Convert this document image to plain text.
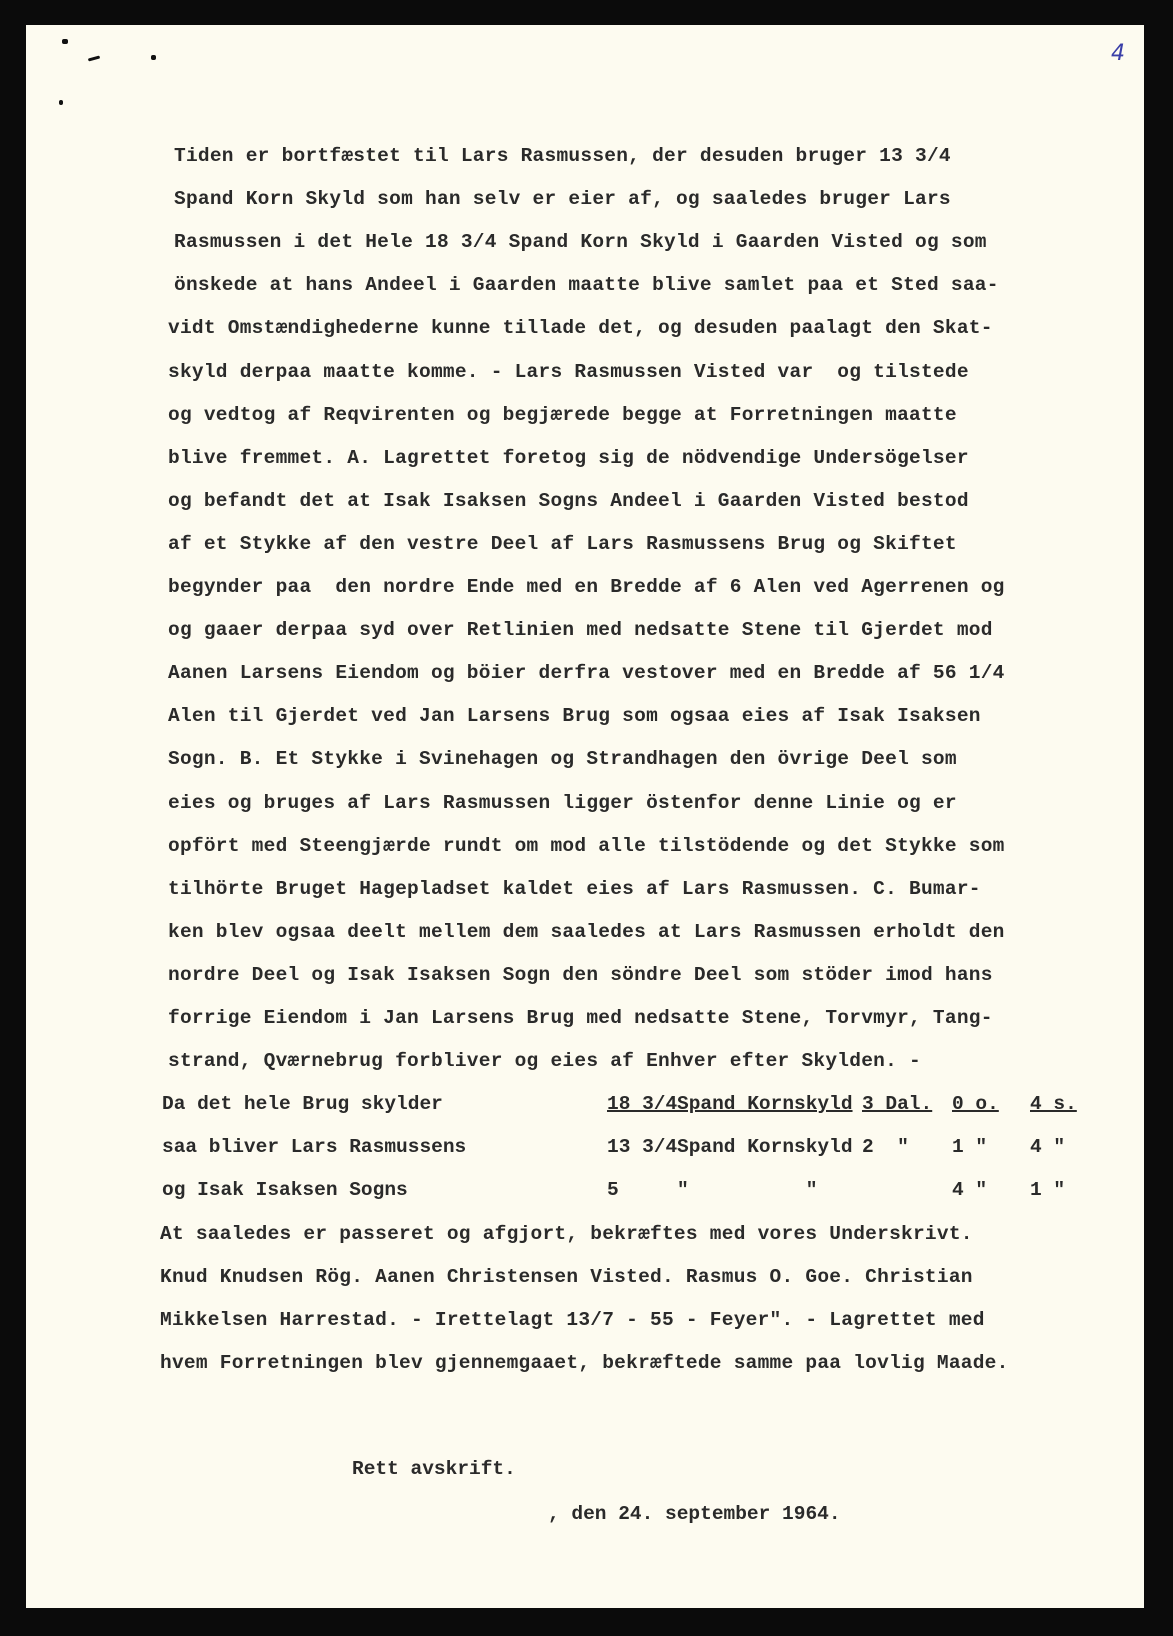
4
Tiden er bortfæstet til Lars Rasmussen, der desuden bruger 13 3/4
Spand Korn Skyld som han selv er eier af, og saaledes bruger Lars
Rasmussen i det Hele 18 3/4 Spand Korn Skyld i Gaarden Visted og som
önskede at hans Andeel i Gaarden maatte blive samlet paa et Sted saa-
vidt Omstændighederne kunne tillade det, og desuden paalagt den Skat-
skyld derpaa maatte komme. - Lars Rasmussen Visted var  og tilstede
og vedtog af Reqvirenten og begjærede begge at Forretningen maatte
blive fremmet. A. Lagrettet foretog sig de nödvendige Undersögelser
og befandt det at Isak Isaksen Sogns Andeel i Gaarden Visted bestod
af et Stykke af den vestre Deel af Lars Rasmussens Brug og Skiftet
begynder paa  den nordre Ende med en Bredde af 6 Alen ved Agerrenen og
og gaaer derpaa syd over Retlinien med nedsatte Stene til Gjerdet mod
Aanen Larsens Eiendom og böier derfra vestover med en Bredde af 56 1/4
Alen til Gjerdet ved Jan Larsens Brug som ogsaa eies af Isak Isaksen
Sogn. B. Et Stykke i Svinehagen og Strandhagen den övrige Deel som
eies og bruges af Lars Rasmussen ligger östenfor denne Linie og er
opfört med Steengjærde rundt om mod alle tilstödende og det Stykke som
tilhörte Bruget Hagepladset kaldet eies af Lars Rasmussen. C. Bumar-
ken blev ogsaa deelt mellem dem saaledes at Lars Rasmussen erholdt den
nordre Deel og Isak Isaksen Sogn den söndre Deel som stöder imod hans
forrige Eiendom i Jan Larsens Brug med nedsatte Stene, Torvmyr, Tang-
strand, Qværnebrug forbliver og eies af Enhver efter Skylden. -
Da det hele Brug skylder	18 3/4 Spand Kornskyld 3 Dal. 0 o. 4 s.
saa bliver Lars Rasmussens	13 3/4 Spand Kornskyld 2  " 1 " 4 "
og Isak Isaksen Sogns	5	"          "	4 " 1 "
At saaledes er passeret og afgjort, bekræftes med vores Underskrivt.
Knud Knudsen Rög. Aanen Christensen Visted. Rasmus O. Goe. Christian
Mikkelsen Harrestad. - Irettelagt 13/7 - 55 - Feyer". - Lagrettet med
hvem Forretningen blev gjennemgaaet, bekræftede samme paa lovlig Maade.
Rett avskrift.
, den 24. september 1964.
